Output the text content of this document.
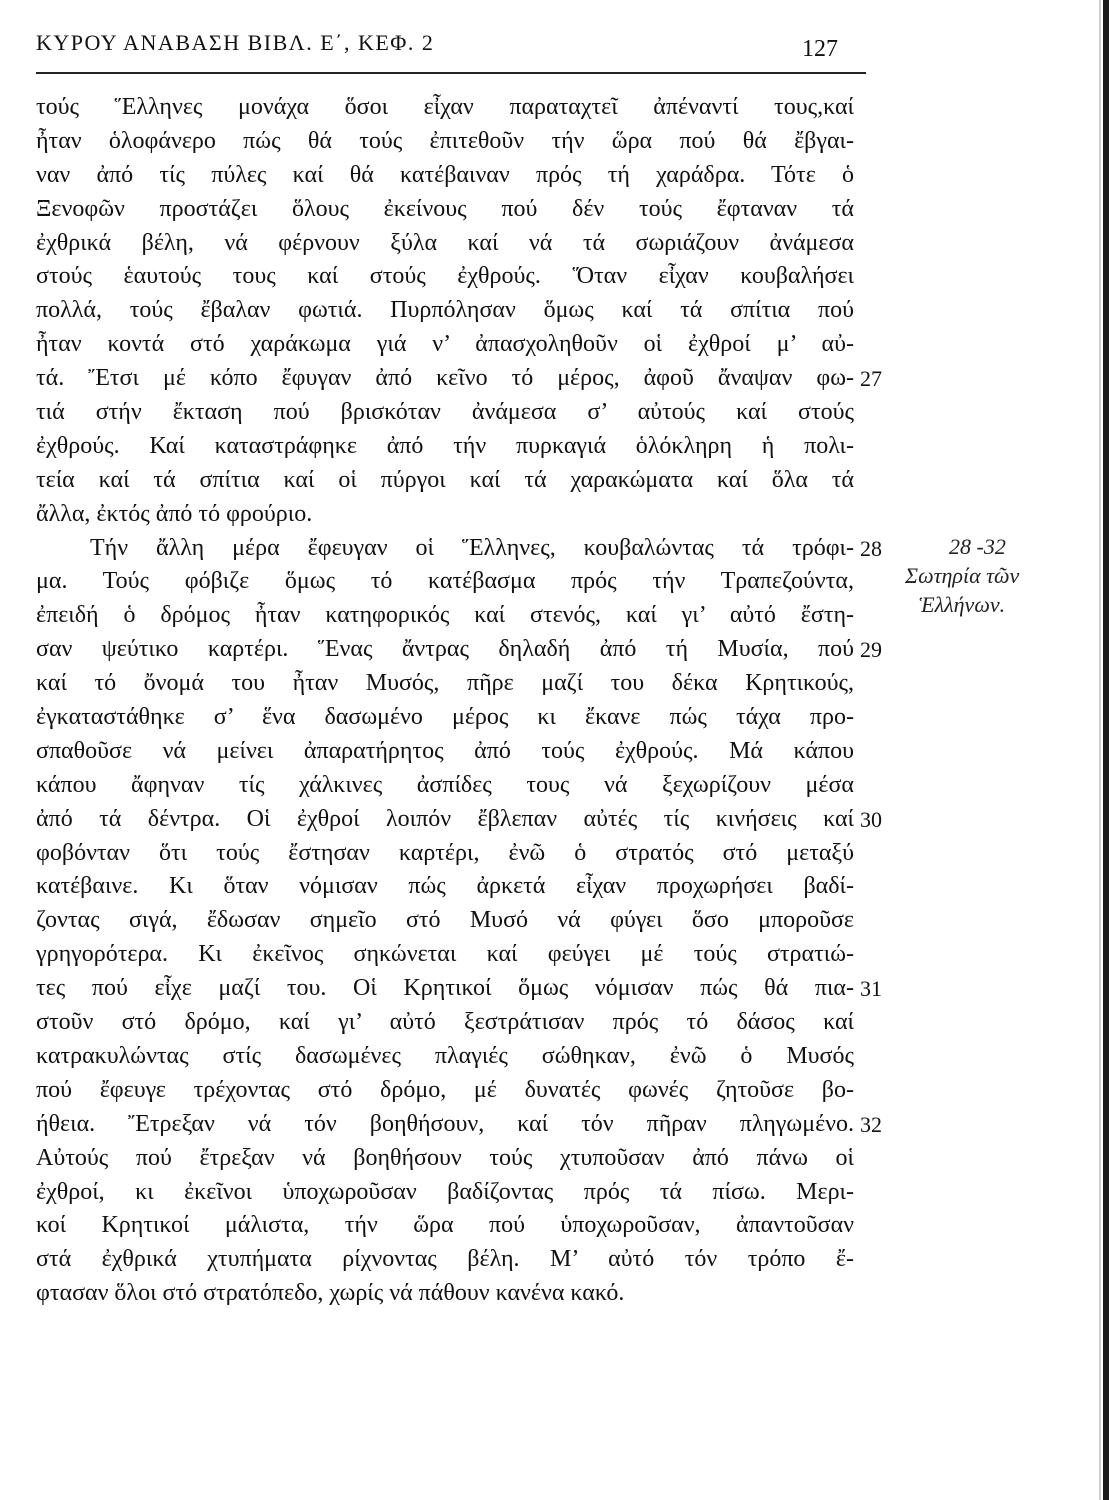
ΚΥΡΟΥ ΑΝΑΒΑΣΗ ΒΙΒΛ. Ε΄, ΚΕΦ. 2	127
τούς Ἕλληνες μονάχα ὅσοι εἶχαν παραταχτεῖ ἀπέναντί τους,καί
ἦταν ὁλοφάνερο πώς θά τούς ἐπιτεθοῦν τήν ὥρα πού θά ἔβγαι-
ναν ἀπό τίς πύλες καί θά κατέβαιναν πρός τή χαράδρα. Τότε ὁ
Ξενοφῶν προστάζει ὅλους ἐκείνους πού δέν τούς ἔφταναν τά
ἐχθρικά βέλη, νά φέρνουν ξύλα καί νά τά σωριάζουν ἀνάμεσα
στούς ἑαυτούς τους καί στούς ἐχθρούς. Ὅταν εἶχαν κουβαλήσει
πολλά, τούς ἔβαλαν φωτιά. Πυρπόλησαν ὅμως καί τά σπίτια πού
ἦταν κοντά στό χαράκωμα γιά ν’ ἀπασχοληθοῦν οἱ ἐχθροί μ’ αὐ-
τά. Ἔτσι μέ κόπο ἔφυγαν ἀπό κεῖνο τό μέρος, ἀφοῦ ἄναψαν φω- 27
τιά στήν ἔκταση πού βρισκόταν ἀνάμεσα σ’ αὐτούς καί στούς
ἐχθρούς. Καί καταστράφηκε ἀπό τήν πυρκαγιά ὁλόκληρη ἡ πολι-
τεία καί τά σπίτια καί οἱ πύργοι καί τά χαρακώματα καί ὅλα τά
ἄλλα, ἐκτός ἀπό τό φρούριο.
Τήν ἄλλη μέρα ἔφευγαν οἱ Ἕλληνες, κουβαλώντας τά τρόφι- 28
μα. Τούς φόβιζε ὅμως τό κατέβασμα πρός τήν Τραπεζούντα,
ἐπειδή ὁ δρόμος ἦταν κατηφορικός καί στενός, καί γι’ αὐτό ἔστη-
σαν ψεύτικο καρτέρι. Ἕνας ἄντρας δηλαδή ἀπό τή Μυσία, πού 29
καί τό ὄνομά του ἦταν Μυσός, πῆρε μαζί του δέκα Κρητικούς,
ἐγκαταστάθηκε σ’ ἕνα δασωμένο μέρος κι ἔκανε πώς τάχα προ-
σπαθοῦσε νά μείνει ἀπαρατήρητος ἀπό τούς ἐχθρούς. Μά κάπου
κάπου ἄφηναν τίς χάλκινες ἀσπίδες τους νά ξεχωρίζουν μέσα
ἀπό τά δέντρα. Οἱ ἐχθροί λοιπόν ἔβλεπαν αὐτές τίς κινήσεις καί 30
φοβόνταν ὅτι τούς ἔστησαν καρτέρι, ἐνῶ ὁ στρατός στό μεταξύ
κατέβαινε. Κι ὅταν νόμισαν πώς ἀρκετά εἶχαν προχωρήσει βαδί-
ζοντας σιγά, ἔδωσαν σημεῖο στό Μυσό νά φύγει ὅσο μποροῦσε
γρηγορότερα. Κι ἐκεῖνος σηκώνεται καί φεύγει μέ τούς στρατιώ-
τες πού εἶχε μαζί του. Οἱ Κρητικοί ὅμως νόμισαν πώς θά πια- 31
στοῦν στό δρόμο, καί γι’ αὐτό ξεστράτισαν πρός τό δάσος καί
κατρακυλώντας στίς δασωμένες πλαγιές σώθηκαν, ἐνῶ ὁ Μυσός
πού ἔφευγε τρέχοντας στό δρόμο, μέ δυνατές φωνές ζητοῦσε βο-
ήθεια. Ἔτρεξαν νά τόν βοηθήσουν, καί τόν πῆραν πληγωμένο. 32
Αὐτούς πού ἔτρεξαν νά βοηθήσουν τούς χτυποῦσαν ἀπό πάνω οἱ
ἐχθροί, κι ἐκεῖνοι ὑποχωροῦσαν βαδίζοντας πρός τά πίσω. Μερι-
κοί Κρητικοί μάλιστα, τήν ὥρα πού ὑποχωροῦσαν, ἀπαντοῦσαν
στά ἐχθρικά χτυπήματα ρίχνοντας βέλη. Μ’ αὐτό τόν τρόπο ἔ-
φτασαν ὅλοι στό στρατόπεδο, χωρίς νά πάθουν κανένα κακό.
28 -32
Σωτηρία τῶν
Ἑλλήνων.
